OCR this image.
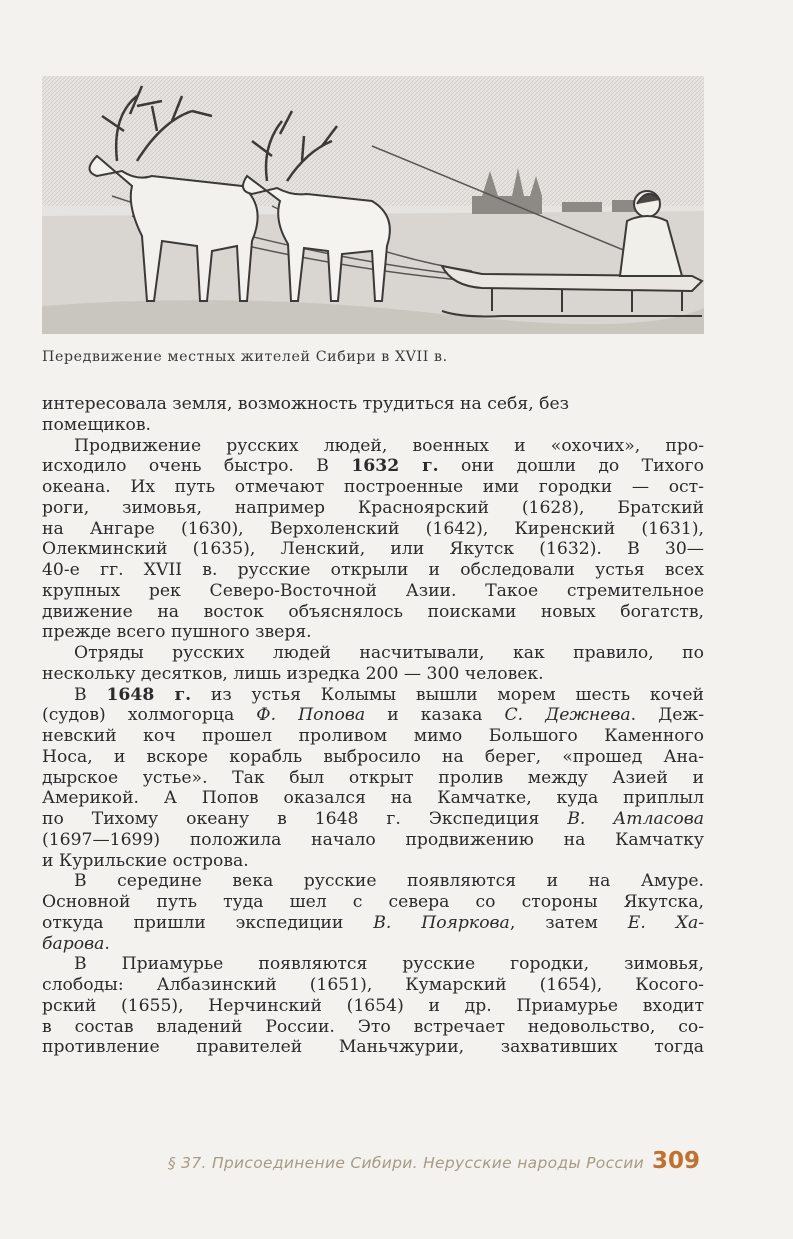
Передвижение местных жителей Сибири в XVII в.
интересовала земля, возможность трудиться на себя, без
помещиков.
Продвижение русских людей, военных и «охочих», про-
исходило очень быстро. В 1632 г. они дошли до Тихого
океана. Их путь отмечают построенные ими городки — ост-
роги, зимовья, например Красноярский (1628), Братский
на Ангаре (1630), Верхоленский (1642), Киренский (1631),
Олекминский (1635), Ленский, или Якутск (1632). В 30—
40-е гг. XVII в. русские открыли и обследовали устья всех
крупных рек Северо-Восточной Азии. Такое стремительное
движение на восток объяснялось поисками новых богатств,
прежде всего пушного зверя.
Отряды русских людей насчитывали, как правило, по
нескольку десятков, лишь изредка 200 — 300 человек.
В 1648 г. из устья Колымы вышли морем шесть кочей
(судов) холмогорца Ф. Попова и казака С. Дежнева. Деж-
невский коч прошел проливом мимо Большого Каменного
Носа, и вскоре корабль выбросило на берег, «прошед Ана-
дырское устье». Так был открыт пролив между Азией и
Америкой. А Попов оказался на Камчатке, куда приплыл
по Тихому океану в 1648 г. Экспедиция В. Атласова
(1697—1699) положила начало продвижению на Камчатку
и Курильские острова.
В середине века русские появляются и на Амуре.
Основной путь туда шел с севера со стороны Якутска,
откуда пришли экспедиции В. Пояркова, затем Е. Ха-
барова.
В Приамурье появляются русские городки, зимовья,
слободы: Албазинский (1651), Кумарский (1654), Косого-
рский (1655), Нерчинский (1654) и др. Приамурье входит
в состав владений России. Это встречает недовольство, со-
противление правителей Маньчжурии, захвативших тогда
§ 37. Присоединение Сибири. Нерусские народы России 309
